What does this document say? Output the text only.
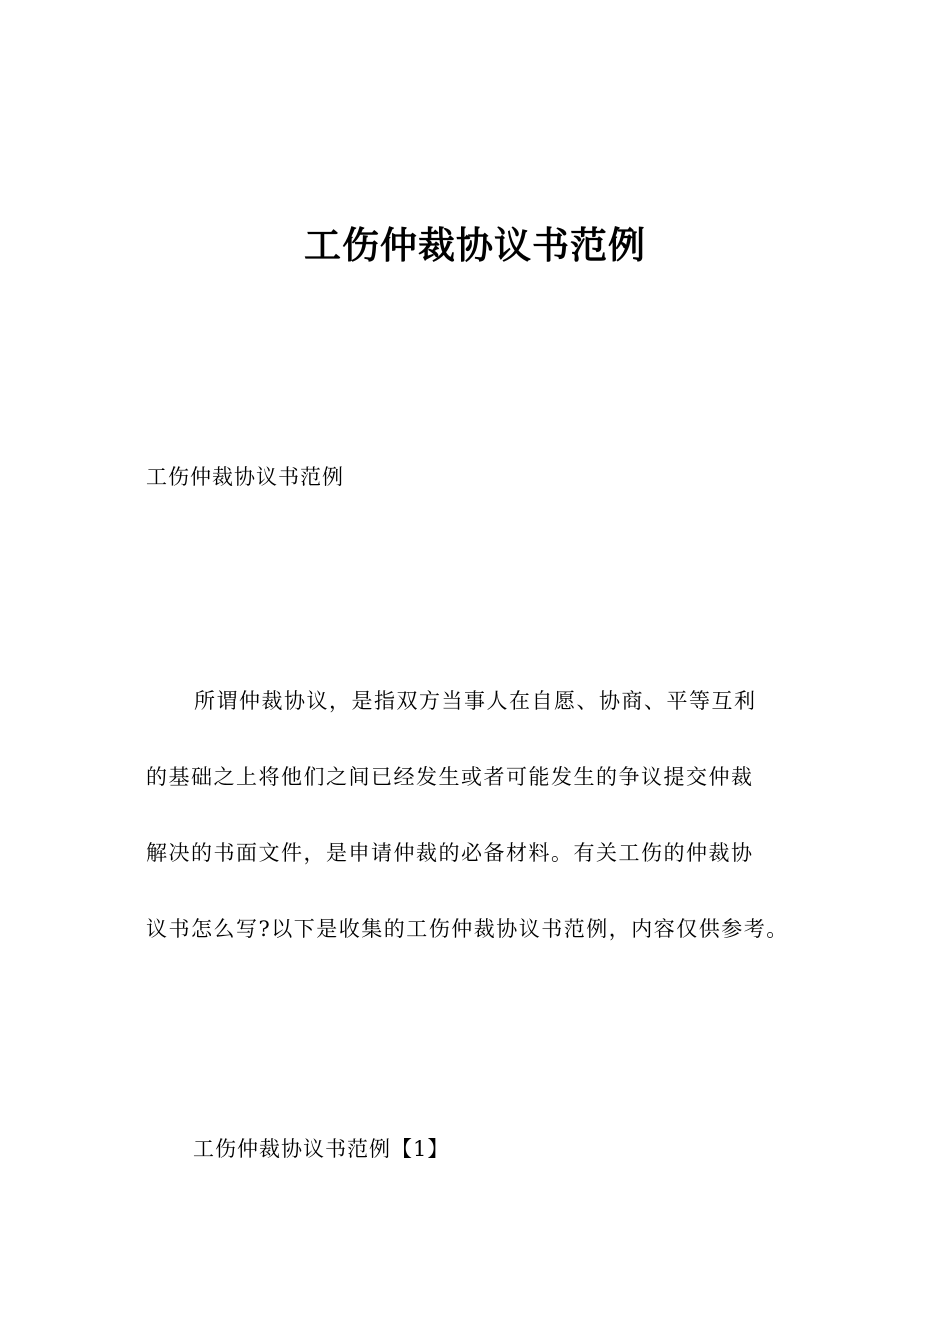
工伤仲裁协议书范例
工伤仲裁协议书范例
所谓仲裁协议，是指双方当事人在自愿、协商、平等互利
的基础之上将他们之间已经发生或者可能发生的争议提交仲裁
解决的书面文件，是申请仲裁的必备材料。有关工伤的仲裁协
议书怎么写?以下是收集的工伤仲裁协议书范例，内容仅供参考。
工伤仲裁协议书范例【1】
